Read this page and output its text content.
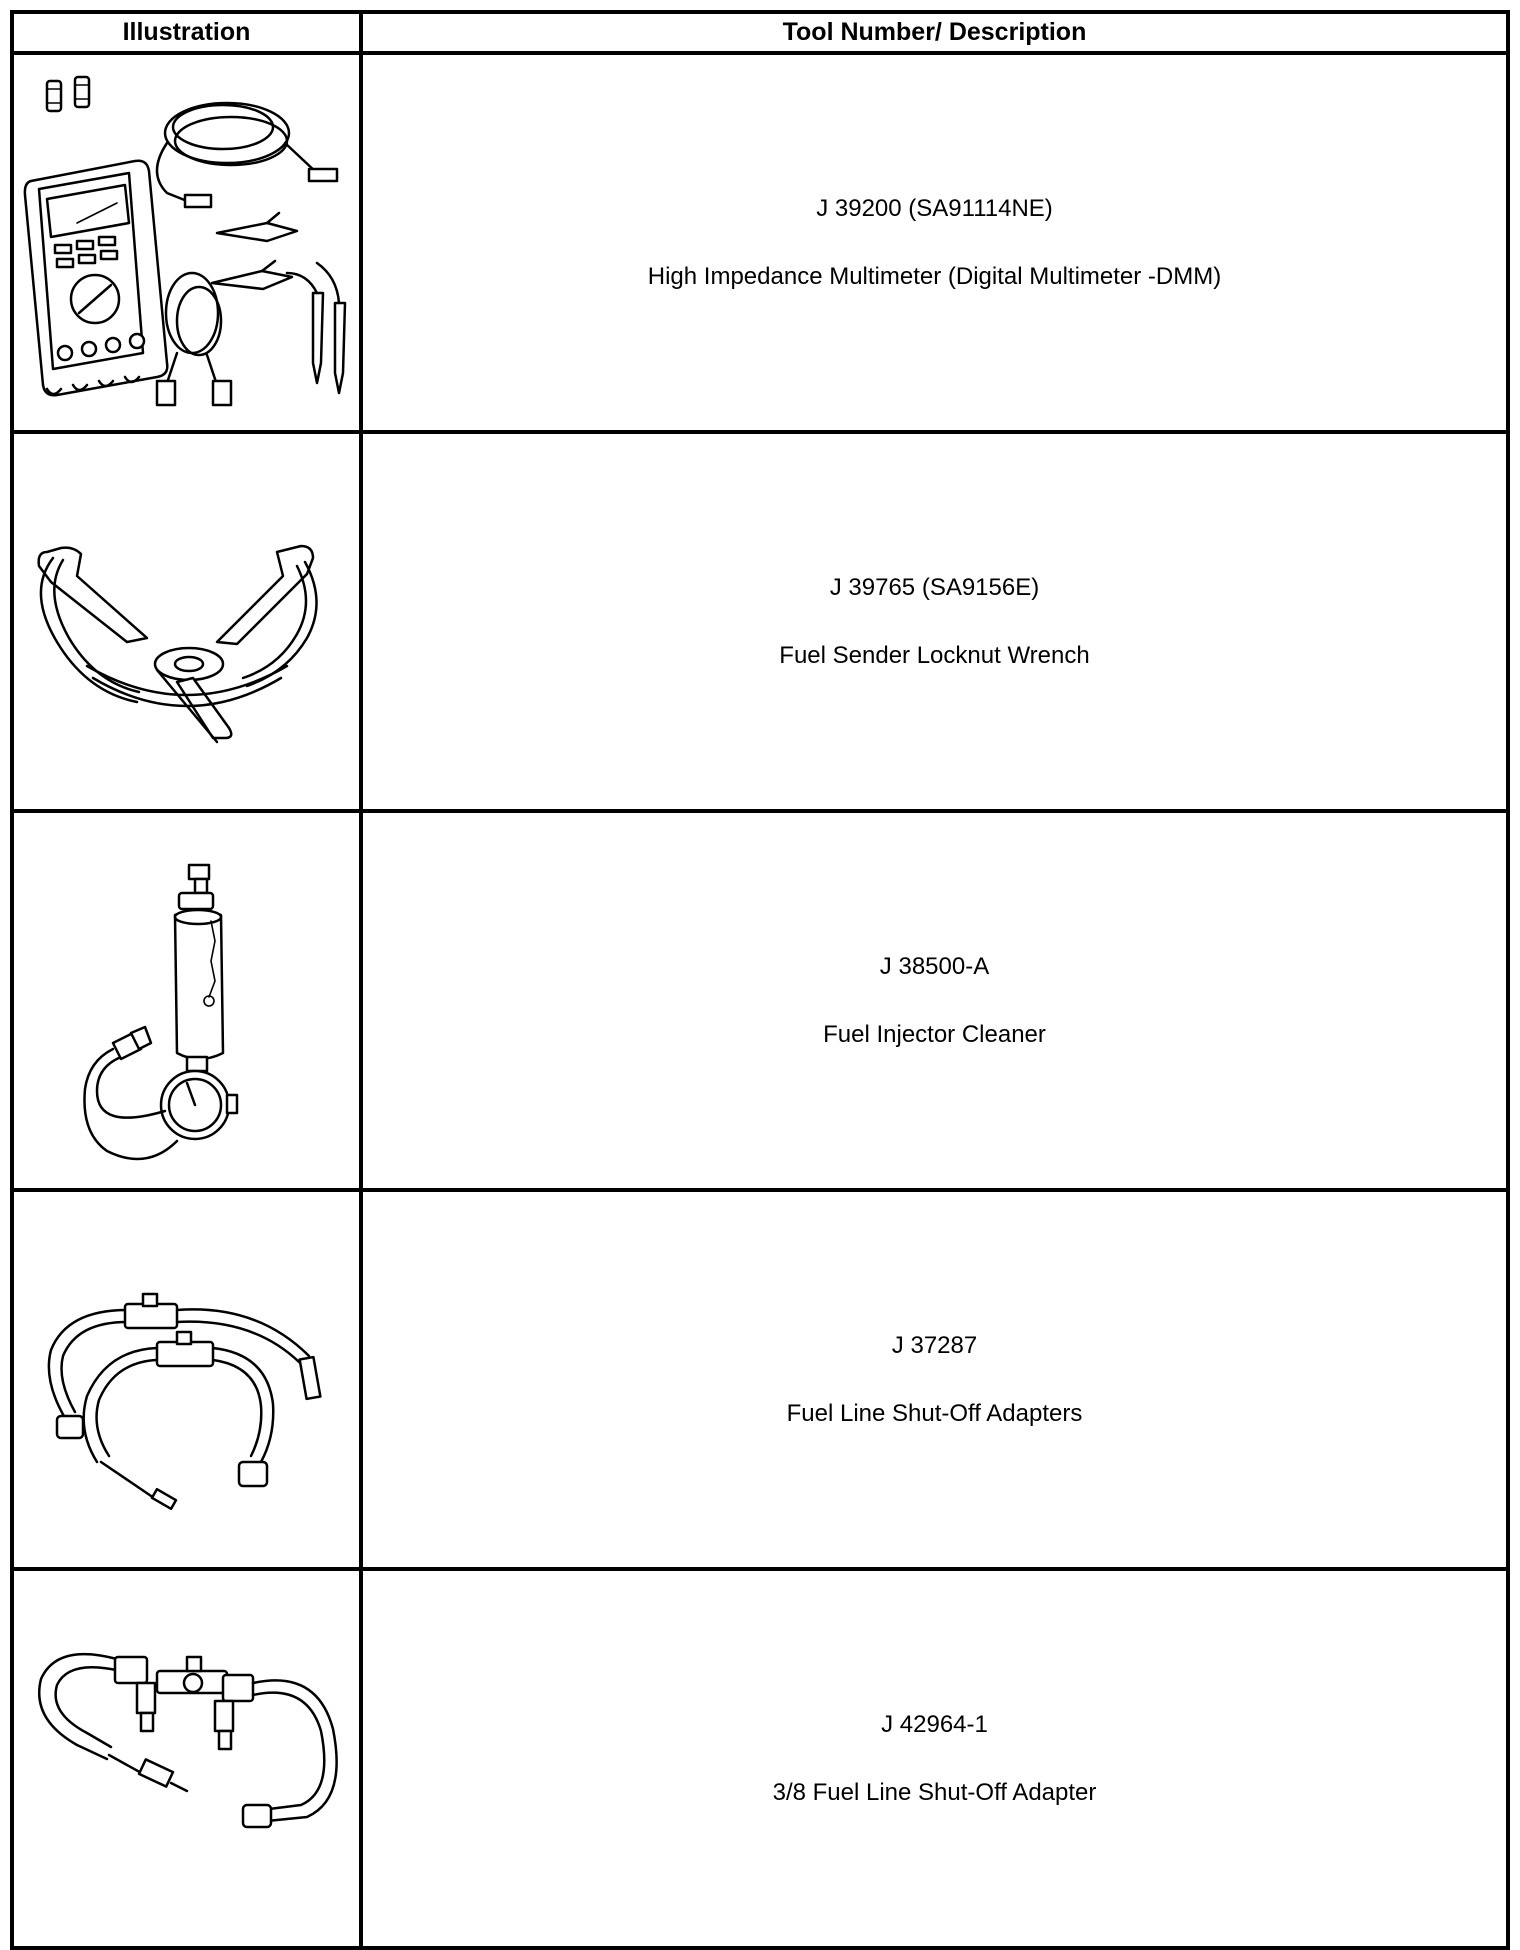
Illustration	Tool Number/ Description

J 39200 (SA91114NE)
High Impedance Multimeter (Digital Multimeter -DMM)

J 39765 (SA9156E)
Fuel Sender Locknut Wrench

J 38500-A
Fuel Injector Cleaner

J 37287
Fuel Line Shut-Off Adapters

J 42964-1
3/8 Fuel Line Shut-Off Adapter
